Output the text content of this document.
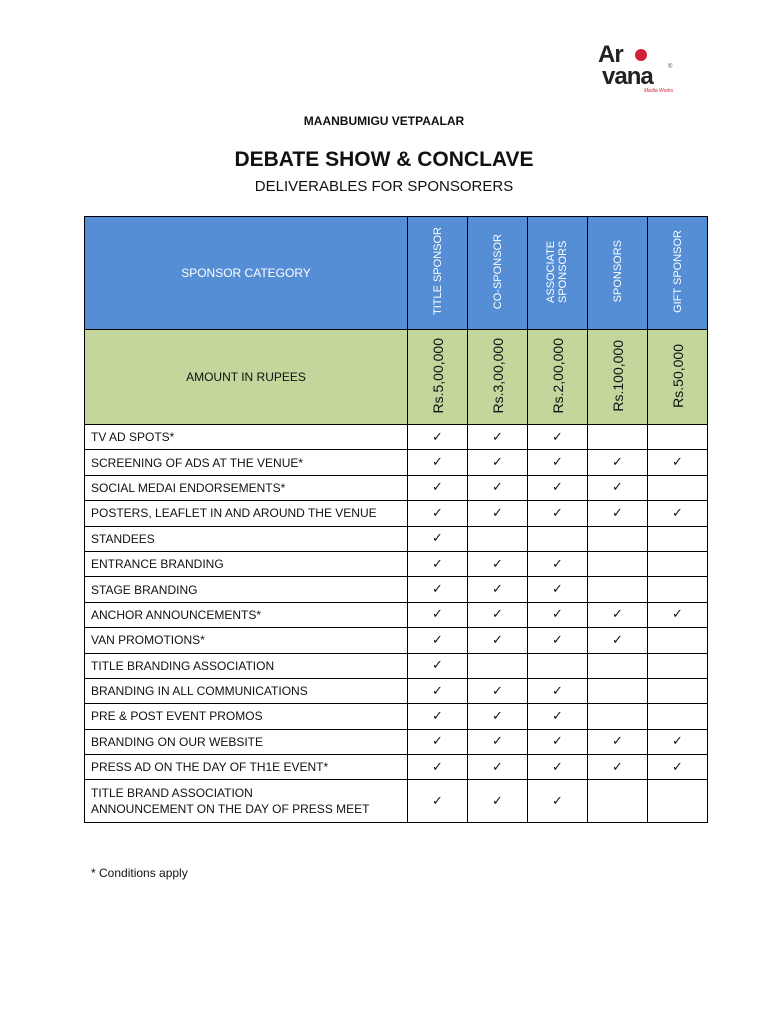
Ar
vana	®
Media Works
MAANBUMIGU VETPAALAR
DEBATE SHOW & CONCLAVE
DELIVERABLES FOR SPONSORERS
SPONSOR CATEGORY	TITLE SPONSOR	CO-SPONSOR	ASSOCIATE SPONSORS	SPONSORS	GIFT SPONSOR
AMOUNT IN RUPEES	Rs.5,00,000	Rs.3,00,000	Rs.2,00,000	Rs.100,000	Rs.50,000
TV AD SPOTS*	✓	✓	✓		
SCREENING OF ADS AT THE VENUE*	✓	✓	✓	✓	✓
SOCIAL MEDAI ENDORSEMENTS*	✓	✓	✓	✓	
POSTERS, LEAFLET IN AND AROUND THE VENUE	✓	✓	✓	✓	✓
STANDEES	✓				
ENTRANCE BRANDING	✓	✓	✓		
STAGE BRANDING	✓	✓	✓		
ANCHOR ANNOUNCEMENTS*	✓	✓	✓	✓	✓
VAN PROMOTIONS*	✓	✓	✓	✓	
TITLE BRANDING ASSOCIATION	✓				
BRANDING IN ALL COMMUNICATIONS	✓	✓	✓		
PRE & POST EVENT PROMOS	✓	✓	✓		
BRANDING ON OUR WEBSITE	✓	✓	✓	✓	✓
PRESS AD ON THE DAY OF TH1E EVENT*	✓	✓	✓	✓	✓
TITLE BRAND ASSOCIATION
ANNOUNCEMENT ON THE DAY OF PRESS MEET	✓	✓	✓		
* Conditions apply
